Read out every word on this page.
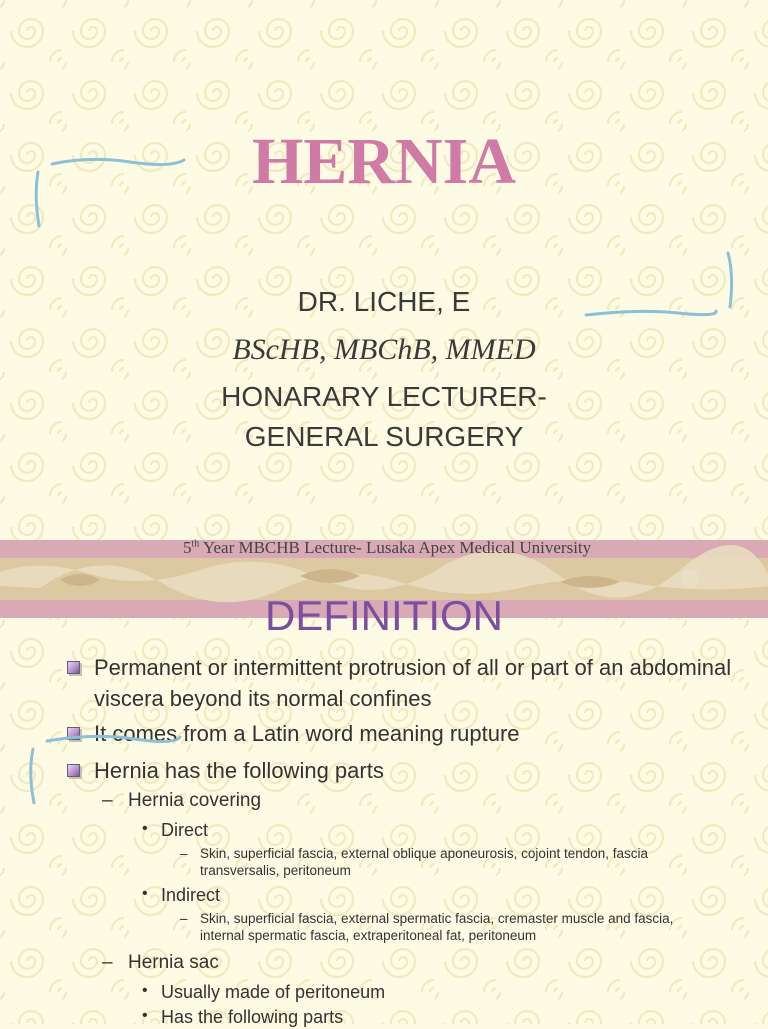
HERNIA
DR. LICHE, E
BScHB, MBChB, MMED
HONARARY LECTURER-
GENERAL SURGERY
5th Year MBCHB Lecture- Lusaka Apex Medical University
DEFINITION
Permanent or intermittent protrusion of all or part of an abdominal viscera beyond its normal confines
It comes from a Latin word meaning rupture
Hernia has the following parts
– Hernia covering
• Direct
– Skin, superficial fascia, external oblique aponeurosis, cojoint tendon, fascia transversalis, peritoneum
• Indirect
– Skin, superficial fascia, external spermatic fascia, cremaster muscle and fascia, internal spermatic fascia, extraperitoneal fat, peritoneum
– Hernia sac
• Usually made of peritoneum
• Has the following parts
